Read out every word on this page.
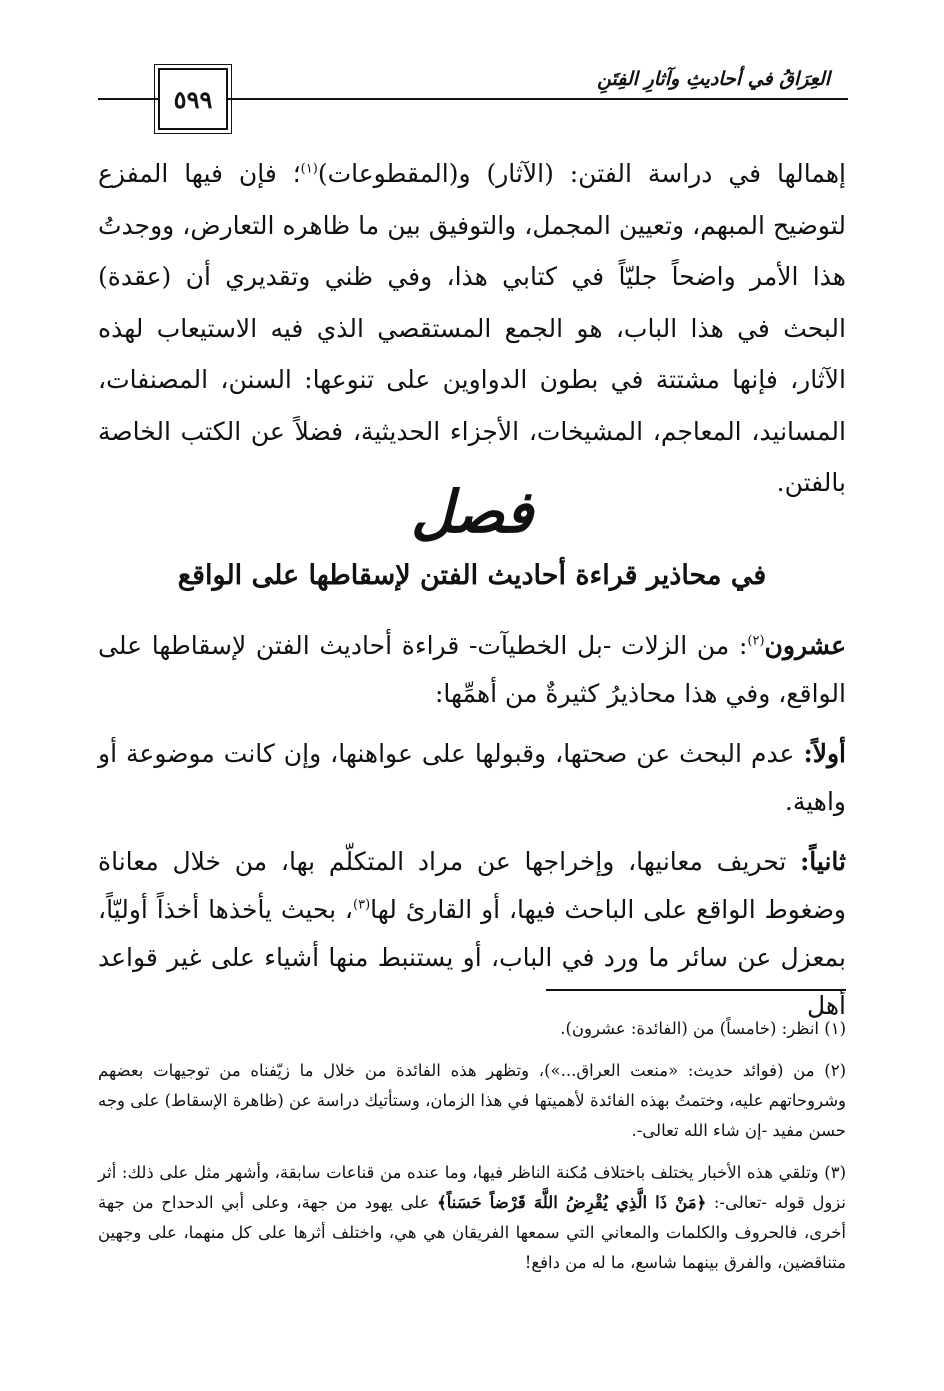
العِرَاقُ في أحاديثِ وآثارِ الفِتَنِ
٥٩٩

إهمالها في دراسة الفتن: (الآثار) و(المقطوعات)$^{(١)}$؛ فإن فيها المفزع لتوضيح المبهم، وتعيين المجمل، والتوفيق بين ما ظاهره التعارض، ووجدتُ هذا الأمر واضحاً جليّاً في كتابي هذا، وفي ظني وتقديري أن (عقدة) البحث في هذا الباب، هو الجمع المستقصي الذي فيه الاستيعاب لهذه الآثار، فإنها مشتتة في بطون الدواوين على تنوعها: السنن، المصنفات، المسانيد، المعاجم، المشيخات، الأجزاء الحديثية، فضلاً عن الكتب الخاصة بالفتن.

فصل
في محاذير قراءة أحاديث الفتن لإسقاطها على الواقع

عشرون$^{(٢)}$: من الزلات -بل الخطيآت- قراءة أحاديث الفتن لإسقاطها على الواقع، وفي هذا محاذيرُ كثيرةٌ من أهمِّها:

أولاً: عدم البحث عن صحتها، وقبولها على عواهنها، وإن كانت موضوعة أو واهية.

ثانياً: تحريف معانيها، وإخراجها عن مراد المتكلّم بها، من خلال معاناة وضغوط الواقع على الباحث فيها، أو القارئ لها$^{(٣)}$، بحيث يأخذها أخذاً أوليّاً، بمعزل عن سائر ما ورد في الباب، أو يستنبط منها أشياء على غير قواعد أهل

(١) انظر: (خامساً) من (الفائدة: عشرون).

(٢) من (فوائد حديث: «منعت العراق...»)، وتظهر هذه الفائدة من خلال ما زيّفناه من توجيهات بعضهم وشروحاتهم عليه، وختمتُ بهذه الفائدة لأهميتها في هذا الزمان، وستأتيك دراسة عن (ظاهرة الإسقاط) على وجه حسن مفيد -إن شاء الله تعالى-.

(٣) وتلقي هذه الأخبار يختلف باختلاف مُكنة الناظر فيها، وما عنده من قناعات سابقة، وأشهر مثل على ذلك: أثر نزول قوله -تعالى-: ﴿مَنْ ذَا الَّذِي يُقْرِضُ اللَّهَ قَرْضاً حَسَناً﴾ على يهود من جهة، وعلى أبي الدحداح من جهة أخرى، فالحروف والكلمات والمعاني التي سمعها الفريقان هي هي، واختلف أثرها على كل منهما، على وجهين متناقضين، والفرق بينهما شاسع، ما له من دافع!
